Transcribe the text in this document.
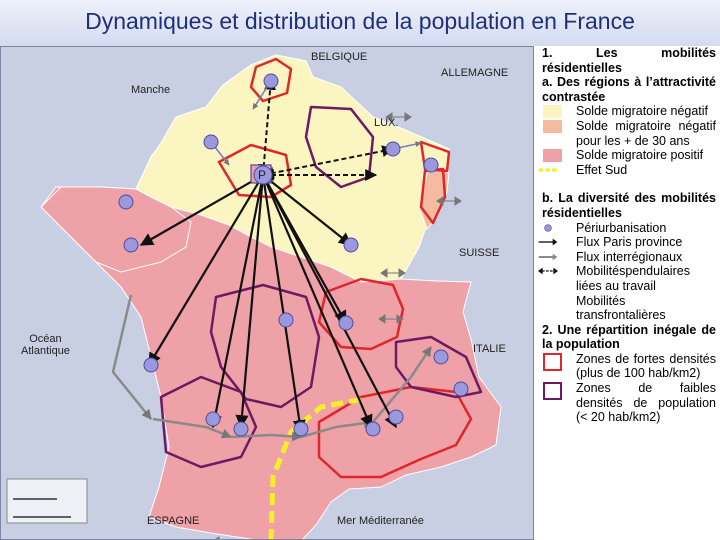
Dynamiques et distribution de la population en France
BELGIQUE
ALLEMAGNE
Manche
LUX.
P
SUISSE
Océan
Atlantique	ITALIE
ESPAGNE	Mer Méditerranée
1. Les mobilités résidentielles
a. Des régions à l’attractivité contrastée
Solde migratoire négatif
Solde migratoire négatif pour les + de 30 ans
Solde migratoire positif
Effet Sud
b. La diversité des mobilités résidentielles
Périurbanisation
Flux Paris province
Flux interrégionaux
Mobilitéspendulaires liées au travail
Mobilités transfrontalières
2. Une répartition inégale de la population
Zones de fortes densités (plus de 100 hab/km2)
Zones de faibles densités de population (< 20 hab/km2)
